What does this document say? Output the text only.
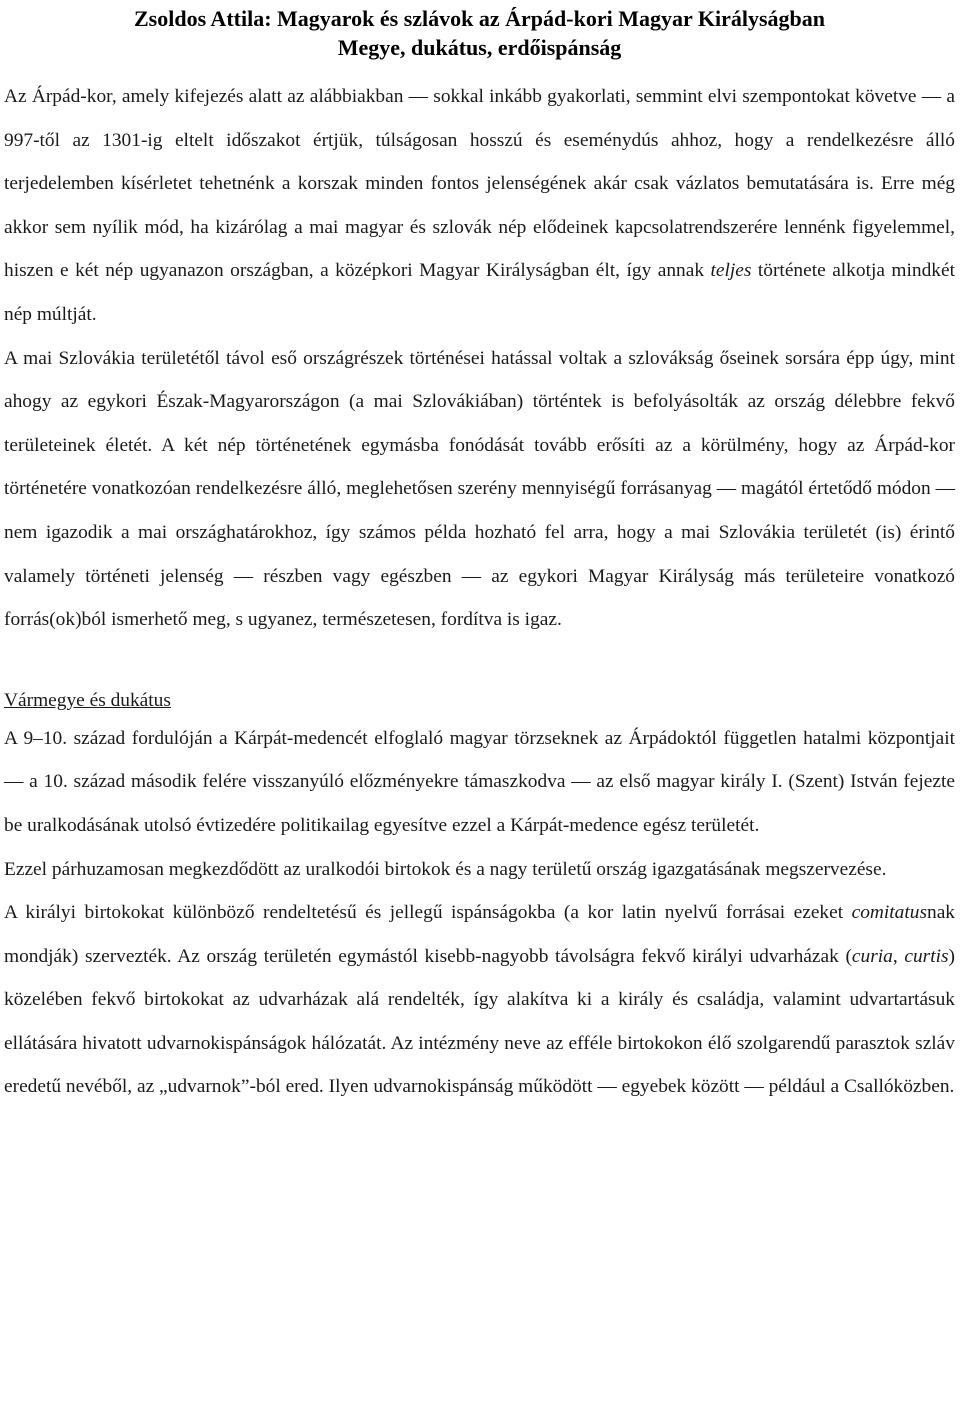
Zsoldos Attila: Magyarok és szlávok az Árpád-kori Magyar Királyságban
Megye, dukátus, erdőispánság

Az Árpád-kor, amely kifejezés alatt az alábbiakban — sokkal inkább gyakorlati, semmint elvi szempontokat követve — a 997-től az 1301-ig eltelt időszakot értjük, túlságosan hosszú és eseménydús ahhoz, hogy a rendelkezésre álló terjedelemben kísérletet tehetnénk a korszak minden fontos jelenségének akár csak vázlatos bemutatására is. Erre még akkor sem nyílik mód, ha kizárólag a mai magyar és szlovák nép elődeinek kapcsolatrendszerére lennénk figyelemmel, hiszen e két nép ugyanazon országban, a középkori Magyar Királyságban élt, így annak teljes története alkotja mindkét nép múltját.

A mai Szlovákia területétől távol eső országrészek történései hatással voltak a szlovákság őseinek sorsára épp úgy, mint ahogy az egykori Észak-Magyarországon (a mai Szlovákiában) történtek is befolyásolták az ország délebbre fekvő területeinek életét. A két nép történetének egymásba fonódását tovább erősíti az a körülmény, hogy az Árpád-kor történetére vonatkozóan rendelkezésre álló, meglehetősen szerény mennyiségű forrásanyag — magától értetődő módon — nem igazodik a mai országhatárokhoz, így számos példa hozható fel arra, hogy a mai Szlovákia területét (is) érintő valamely történeti jelenség — részben vagy egészben — az egykori Magyar Királyság más területeire vonatkozó forrás(ok)ból ismerhető meg, s ugyanez, természetesen, fordítva is igaz.

Vármegye és dukátus

A 9–10. század fordulóján a Kárpát-medencét elfoglaló magyar törzseknek az Árpádoktól független hatalmi központjait — a 10. század második felére visszanyúló előzményekre támaszkodva — az első magyar király I. (Szent) István fejezte be uralkodásának utolsó évtizedére politikailag egyesítve ezzel a Kárpát-medence egész területét.

Ezzel párhuzamosan megkezdődött az uralkodói birtokok és a nagy területű ország igazgatásának megszervezése.

A királyi birtokokat különböző rendeltetésű és jellegű ispánságokba (a kor latin nyelvű forrásai ezeket comitatusnak mondják) szervezték. Az ország területén egymástól kisebb-nagyobb távolságra fekvő királyi udvarházak (curia, curtis) közelében fekvő birtokokat az udvarházak alá rendelték, így alakítva ki a király és családja, valamint udvartartásuk ellátására hivatott udvarnokispánságok hálózatát. Az intézmény neve az efféle birtokokon élő szolgarendű parasztok szláv eredetű nevéből, az „udvarnok”-ból ered. Ilyen udvarnokispánság működött — egyebek között — például a Csallóközben.
